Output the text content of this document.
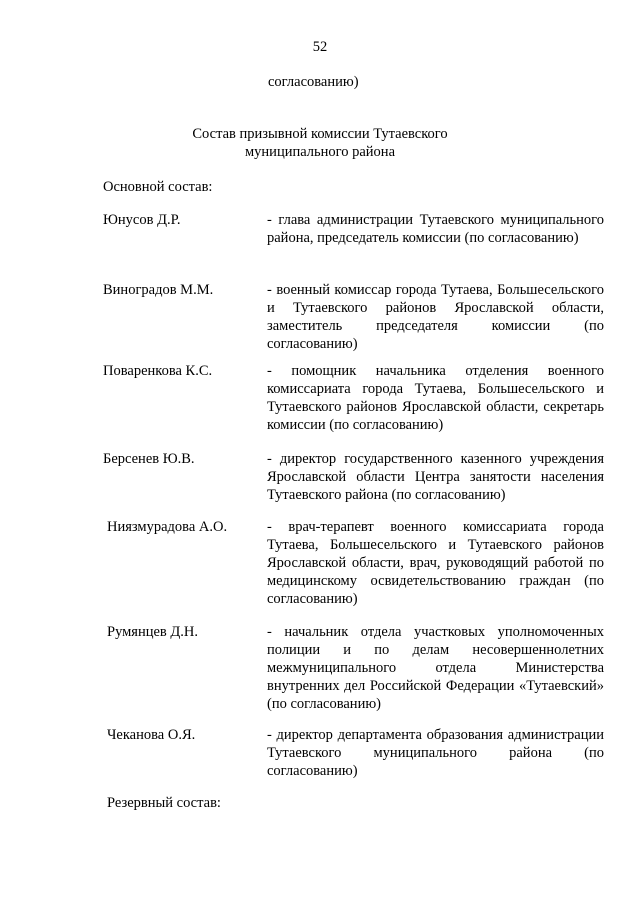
52

согласованию)

Состав призывной комиссии Тутаевского

муниципального района

Основной состав:

Юнусов Д.Р.	- глава администрации Тутаевского муниципального района, председатель комиссии (по согласованию)

Виноградов М.М.	- военный комиссар города Тутаева, Большесельского и Тутаевского районов Ярославской области, заместитель председателя комиссии (по согласованию)

Поваренкова К.С.	- помощник начальника отделения военного комиссариата города Тутаева, Большесельского и Тутаевского районов Ярославской области, секретарь комиссии (по согласованию)

Берсенев Ю.В.	- директор государственного казенного учреждения Ярославской области Центра занятости населения Тутаевского района (по согласованию)

Ниязмурадова А.О.	- врач-терапевт военного комиссариата города Тутаева, Большесельского и Тутаевского районов Ярославской области, врач, руководящий работой по медицинскому освидетельствованию граждан (по согласованию)

Румянцев Д.Н.	- начальник отдела участковых уполномоченных полиции и по делам несовершеннолетних межмуниципального отдела Министерства внутренних дел Российской Федерации «Тутаевский» (по согласованию)

Чеканова О.Я.	- директор департамента образования администрации Тутаевского муниципального района (по согласованию)

Резервный состав:
